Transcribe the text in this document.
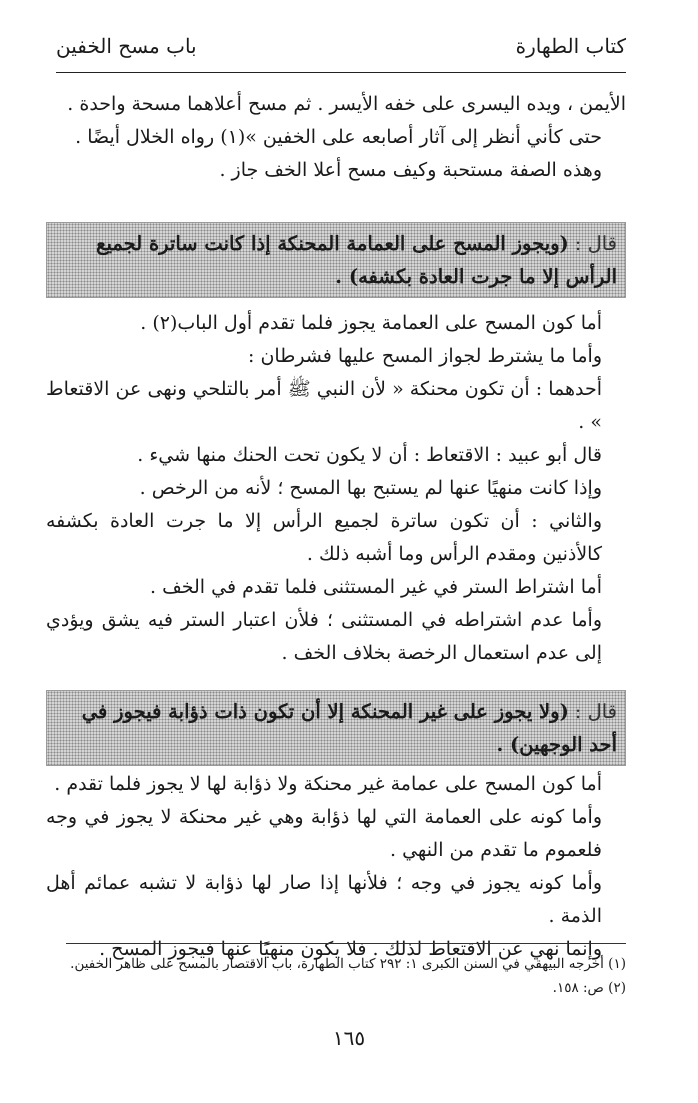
كتاب الطهارة
باب مسح الخفين

الأيمن ، ويده اليسرى على خفه الأيسر . ثم مسح أعلاهما مسحة واحدة .

حتى كأني أنظر إلى آثار أصابعه على الخفين »(١) رواه الخلال أيضًا .

وهذه الصفة مستحبة وكيف مسح أعلا الخف جاز .

قال :(ويجوز المسح على العمامة المحنكة إذا كانت ساترة لجميع الرأس إلا ما جرت العادة بكشفه) .

أما كون المسح على العمامة يجوز فلما تقدم أول الباب(٢) .

وأما ما يشترط لجواز المسح عليها فشرطان :

أحدهما : أن تكون محنكة « لأن النبي ﷺ أمر بالتلحي ونهى عن الاقتعاط » .

قال أبو عبيد : الاقتعاط : أن لا يكون تحت الحنك منها شيء .

وإذا كانت منهيًا عنها لم يستبح بها المسح ؛ لأنه من الرخص .

والثاني : أن تكون ساترة لجميع الرأس إلا ما جرت العادة بكشفه كالأذنين ومقدم الرأس وما أشبه ذلك .

أما اشتراط الستر في غير المستثنى فلما تقدم في الخف .

وأما عدم اشتراطه في المستثنى ؛ فلأن اعتبار الستر فيه يشق ويؤدي إلى عدم استعمال الرخصة بخلاف الخف .

قال :(ولا يجوز على غير المحنكة إلا أن تكون ذات ذؤابة فيجوز في أحد الوجهين) .

أما كون المسح على عمامة غير محنكة ولا ذؤابة لها لا يجوز فلما تقدم .

وأما كونه على العمامة التي لها ذؤابة وهي غير محنكة لا يجوز في وجه فلعموم ما تقدم من النهي .

وأما كونه يجوز في وجه ؛ فلأنها إذا صار لها ذؤابة لا تشبه عمائم أهل الذمة .

وإنما نهي عن الاقتعاط لذلك . فلا يكون منهيًا عنها فيجوز المسح .

(١) أخرجه البيهقي في السنن الكبرى ١: ٢٩٢ كتاب الطهارة، باب الاقتصار بالمسح على ظاهر الخفين.

(٢) ص: ١٥٨.

١٦٥
